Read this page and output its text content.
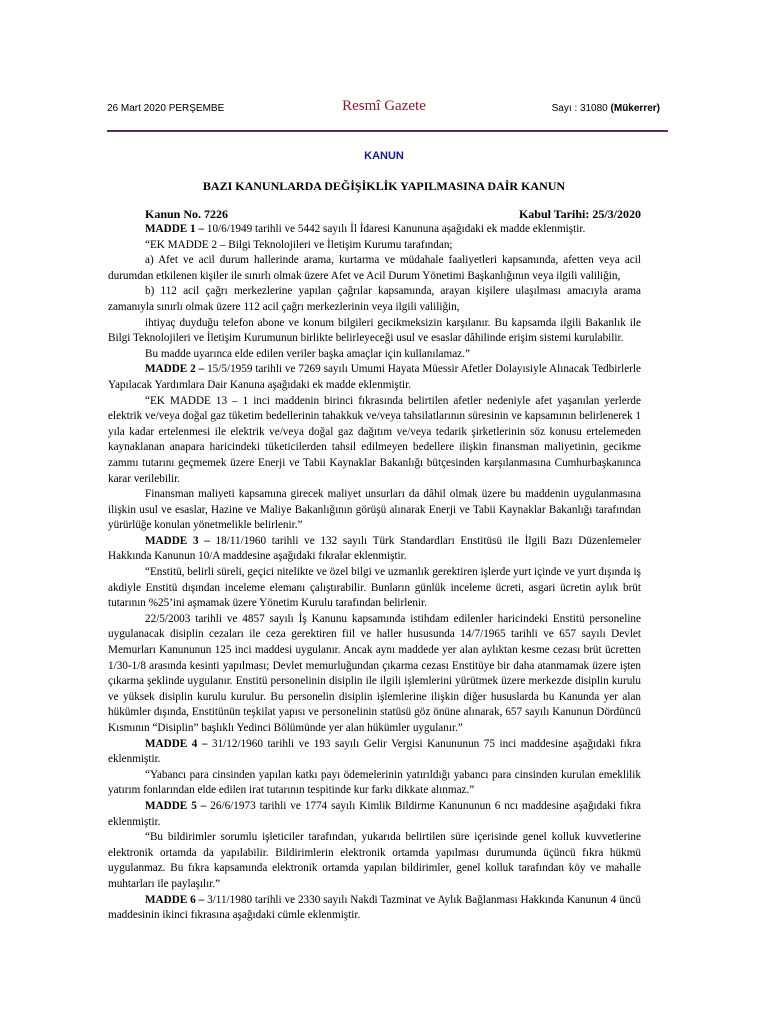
26 Mart 2020 PERŞEMBE	Resmî Gazete	Sayı : 31080 (Mükerrer)
KANUN
BAZI KANUNLARDA DEĞİŞİKLİK YAPILMASINA DAİR KANUN
Kanun No. 7226	Kabul Tarihi: 25/3/2020

MADDE 1 – 10/6/1949 tarihli ve 5442 sayılı İl İdaresi Kanununa aşağıdaki ek madde eklenmiştir.

“EK MADDE 2 – Bilgi Teknolojileri ve İletişim Kurumu tarafından;

a) Afet ve acil durum hallerinde arama, kurtarma ve müdahale faaliyetleri kapsamında, afetten veya acil durumdan etkilenen kişiler ile sınırlı olmak üzere Afet ve Acil Durum Yönetimi Başkanlığının veya ilgili valiliğin,

b) 112 acil çağrı merkezlerine yapılan çağrılar kapsamında, arayan kişilere ulaşılması amacıyla arama zamanıyla sınırlı olmak üzere 112 acil çağrı merkezlerinin veya ilgili valiliğin,

ihtiyaç duyduğu telefon abone ve konum bilgileri gecikmeksizin karşılanır. Bu kapsamda ilgili Bakanlık ile Bilgi Teknolojileri ve İletişim Kurumunun birlikte belirleyeceği usul ve esaslar dâhilinde erişim sistemi kurulabilir.

Bu madde uyarınca elde edilen veriler başka amaçlar için kullanılamaz.”

MADDE 2 – 15/5/1959 tarihli ve 7269 sayılı Umumi Hayata Müessir Afetler Dolayısiyle Alınacak Tedbirlerle Yapılacak Yardımlara Dair Kanuna aşağıdaki ek madde eklenmiştir.

“EK MADDE 13 – 1 inci maddenin birinci fıkrasında belirtilen afetler nedeniyle afet yaşanılan yerlerde elektrik ve/veya doğal gaz tüketim bedellerinin tahakkuk ve/veya tahsilatlarının süresinin ve kapsamının belirlenerek 1 yıla kadar ertelenmesi ile elektrik ve/veya doğal gaz dağıtım ve/veya tedarik şirketlerinin söz konusu ertelemeden kaynaklanan anapara haricindeki tüketicilerden tahsil edilmeyen bedellere ilişkin finansman maliyetinin, gecikme zammı tutarını geçmemek üzere Enerji ve Tabii Kaynaklar Bakanlığı bütçesinden karşılanmasına Cumhurbaşkanınca karar verilebilir.

Finansman maliyeti kapsamına girecek maliyet unsurları da dâhil olmak üzere bu maddenin uygulanmasına ilişkin usul ve esaslar, Hazine ve Maliye Bakanlığının görüşü alınarak Enerji ve Tabii Kaynaklar Bakanlığı tarafından yürürlüğe konulan yönetmelikle belirlenir.”

MADDE 3 – 18/11/1960 tarihli ve 132 sayılı Türk Standardları Enstitüsü ile İlgili Bazı Düzenlemeler Hakkında Kanunun 10/A maddesine aşağıdaki fıkralar eklenmiştir.

“Enstitü, belirli süreli, geçici nitelikte ve özel bilgi ve uzmanlık gerektiren işlerde yurt içinde ve yurt dışında iş akdiyle Enstitü dışından inceleme elemanı çalıştırabilir. Bunların günlük inceleme ücreti, asgari ücretin aylık brüt tutarının %25’ini aşmamak üzere Yönetim Kurulu tarafından belirlenir.

22/5/2003 tarihli ve 4857 sayılı İş Kanunu kapsamında istihdam edilenler haricindeki Enstitü personeline uygulanacak disiplin cezaları ile ceza gerektiren fiil ve haller hususunda 14/7/1965 tarihli ve 657 sayılı Devlet Memurları Kanununun 125 inci maddesi uygulanır. Ancak aynı maddede yer alan aylıktan kesme cezası brüt ücretten 1/30-1/8 arasında kesinti yapılması; Devlet memurluğundan çıkarma cezası Enstitüye bir daha atanmamak üzere işten çıkarma şeklinde uygulanır. Enstitü personelinin disiplin ile ilgili işlemlerini yürütmek üzere merkezde disiplin kurulu ve yüksek disiplin kurulu kurulur. Bu personelin disiplin işlemlerine ilişkin diğer hususlarda bu Kanunda yer alan hükümler dışında, Enstitünün teşkilat yapısı ve personelinin statüsü göz önüne alınarak, 657 sayılı Kanunun Dördüncü Kısmının “Disiplin” başlıklı Yedinci Bölümünde yer alan hükümler uygulanır.”

MADDE 4 – 31/12/1960 tarihli ve 193 sayılı Gelir Vergisi Kanununun 75 inci maddesine aşağıdaki fıkra eklenmiştir.

“Yabancı para cinsinden yapılan katkı payı ödemelerinin yatırıldığı yabancı para cinsinden kurulan emeklilik yatırım fonlarından elde edilen irat tutarının tespitinde kur farkı dikkate alınmaz.”

MADDE 5 – 26/6/1973 tarihli ve 1774 sayılı Kimlik Bildirme Kanununun 6 ncı maddesine aşağıdaki fıkra eklenmiştir.

“Bu bildirimler sorumlu işleticiler tarafından, yukarıda belirtilen süre içerisinde genel kolluk kuvvetlerine elektronik ortamda da yapılabilir. Bildirimlerin elektronik ortamda yapılması durumunda üçüncü fıkra hükmü uygulanmaz. Bu fıkra kapsamında elektronik ortamda yapılan bildirimler, genel kolluk tarafından köy ve mahalle muhtarları ile paylaşılır.”

MADDE 6 – 3/11/1980 tarihli ve 2330 sayılı Nakdi Tazminat ve Aylık Bağlanması Hakkında Kanunun 4 üncü maddesinin ikinci fıkrasına aşağıdaki cümle eklenmiştir.
